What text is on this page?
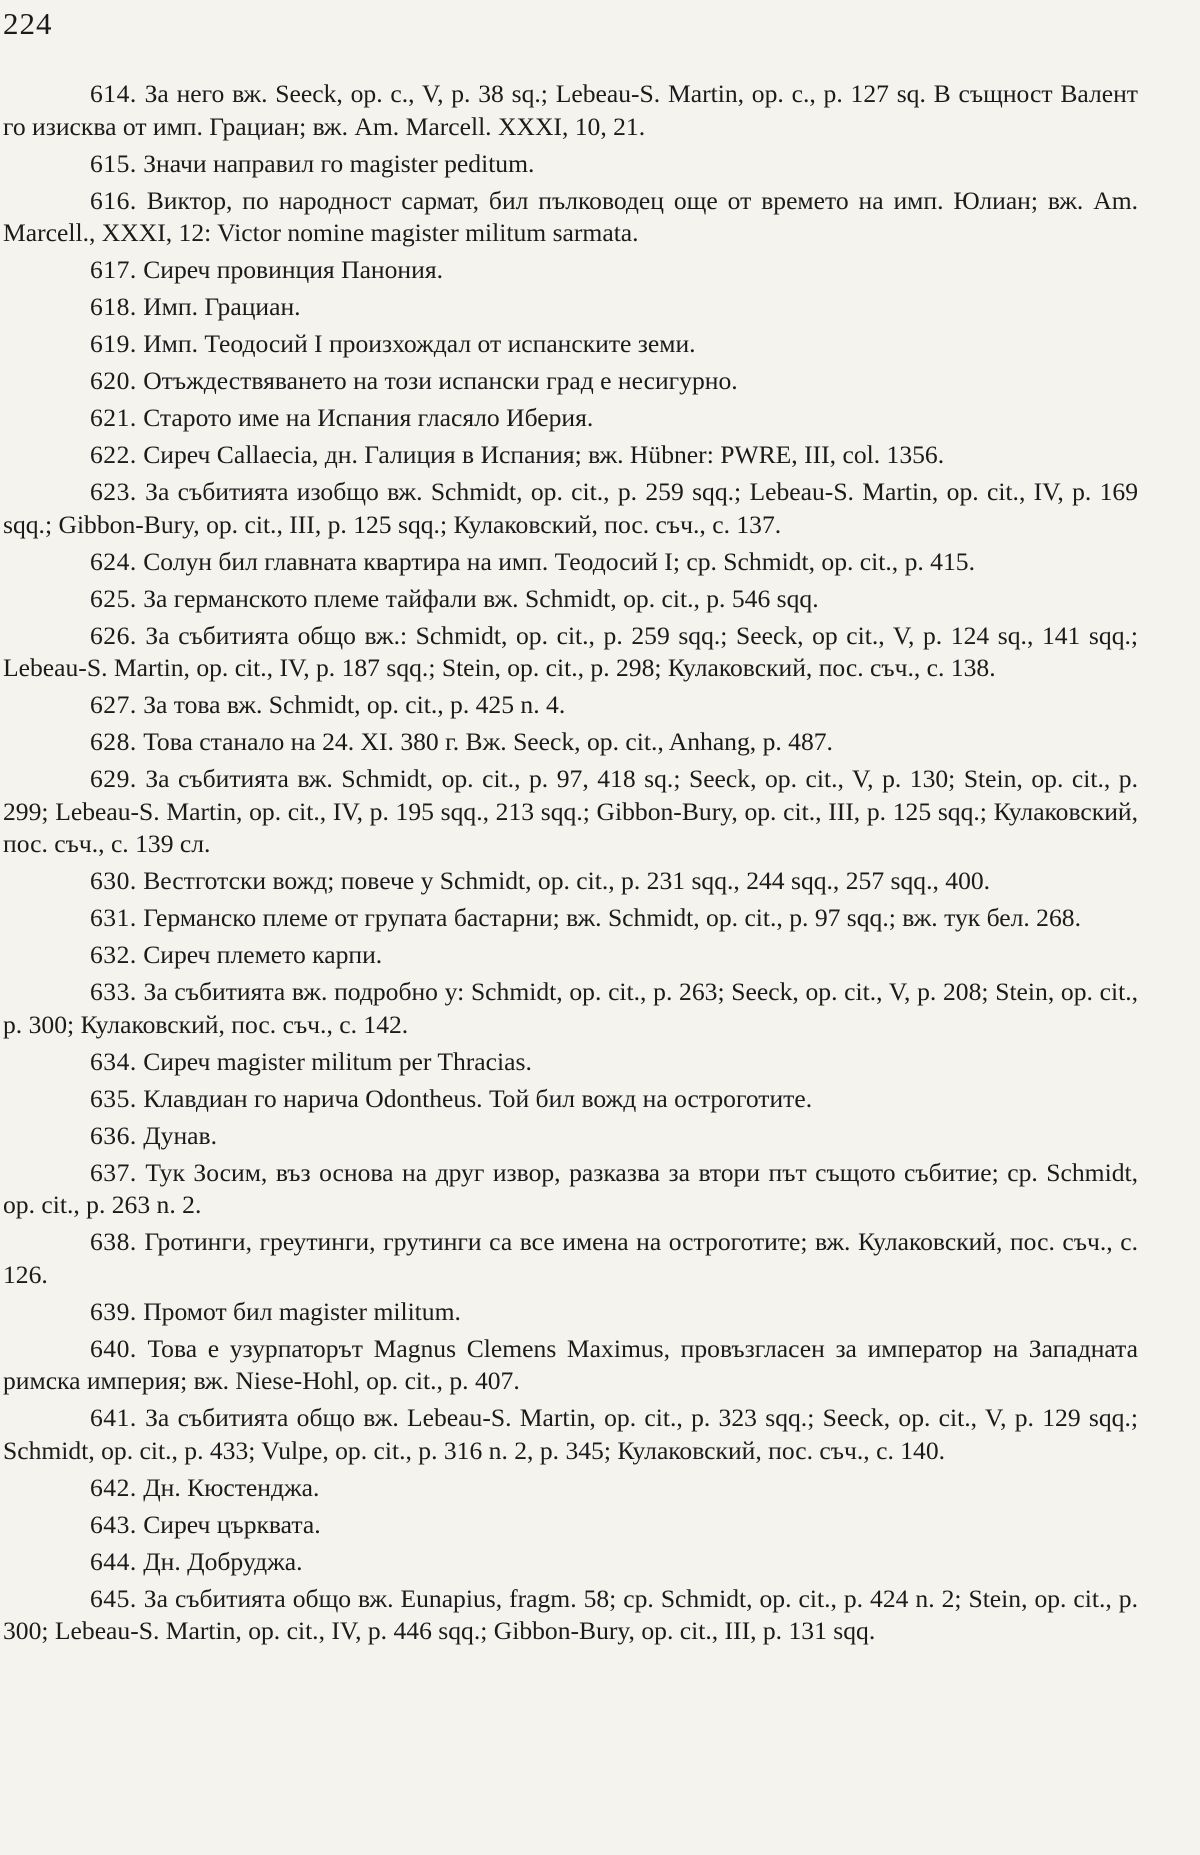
224

614. За него вж. Seeck, op. c., V, p. 38 sq.; Lebeau-S. Martin, op. c., p. 127 sq. В същност Валент го изисква от имп. Грациан; вж. Am. Marcell. XXXI, 10, 21.

615. Значи направил го magister peditum.

616. Виктор, по народност сармат, бил пълководец още от времето на имп. Юлиан; вж. Am. Marcell., XXXI, 12: Victor nomine magister militum sarmata.

617. Сиреч провинция Панония.

618. Имп. Грациан.

619. Имп. Теодосий I произхождал от испанските земи.

620. Отъждествяването на този испански град е несигурно.

621. Старото име на Испания гласяло Иберия.

622. Сиреч Callaecia, дн. Галиция в Испания; вж. Hübner: PWRE, III, col. 1356.

623. За събитията изобщо вж. Schmidt, op. cit., p. 259 sqq.; Lebeau-S. Martin, op. cit., IV, p. 169 sqq.; Gibbon-Bury, op. cit., III, p. 125 sqq.; Кулаковский, пос. съч., с. 137.

624. Солун бил главната квартира на имп. Теодосий I; ср. Schmidt, op. cit., p. 415.

625. За германското племе тайфали вж. Schmidt, op. cit., p. 546 sqq.

626. За събитията общо вж.: Schmidt, op. cit., p. 259 sqq.; Seeck, op cit., V, p. 124 sq., 141 sqq.; Lebeau-S. Martin, op. cit., IV, p. 187 sqq.; Stein, op. cit., p. 298; Кулаковский, пос. съч., с. 138.

627. За това вж. Schmidt, op. cit., p. 425 n. 4.

628. Това станало на 24. XI. 380 г. Вж. Seeck, op. cit., Anhang, p. 487.

629. За събитията вж. Schmidt, op. cit., p. 97, 418 sq.; Seeck, op. cit., V, p. 130; Stein, op. cit., p. 299; Lebeau-S. Martin, op. cit., IV, p. 195 sqq., 213 sqq.; Gibbon-Bury, op. cit., III, p. 125 sqq.; Кулаковский, пос. съч., с. 139 сл.

630. Вестготски вожд; повече у Schmidt, op. cit., p. 231 sqq., 244 sqq., 257 sqq., 400.

631. Германско племе от групата бастарни; вж. Schmidt, op. cit., p. 97 sqq.; вж. тук бел. 268.

632. Сиреч племето карпи.

633. За събитията вж. подробно у: Schmidt, op. cit., p. 263; Seeck, op. cit., V, p. 208; Stein, op. cit., p. 300; Кулаковский, пос. съч., с. 142.

634. Сиреч magister militum per Thracias.

635. Клавдиан го нарича Odontheus. Той бил вожд на остроготите.

636. Дунав.

637. Тук Зосим, въз основа на друг извор, разказва за втори път същото събитие; ср. Schmidt, op. cit., p. 263 n. 2.

638. Гротинги, греутинги, грутинги са все имена на остроготите; вж. Кулаковский, пос. съч., с. 126.

639. Промот бил magister militum.

640. Това е узурпаторът Magnus Clemens Maximus, провъзгласен за император на Западната римска империя; вж. Niese-Hohl, op. cit., p. 407.

641. За събитията общо вж. Lebeau-S. Martin, op. cit., p. 323 sqq.; Seeck, op. cit., V, p. 129 sqq.; Schmidt, op. cit., p. 433; Vulpe, op. cit., p. 316 n. 2, p. 345; Кулаковский, пос. съч., с. 140.

642. Дн. Кюстенджа.

643. Сиреч църквата.

644. Дн. Добруджа.

645. За събитията общо вж. Eunapius, fragm. 58; ср. Schmidt, op. cit., p. 424 n. 2; Stein, op. cit., p. 300; Lebeau-S. Martin, op. cit., IV, p. 446 sqq.; Gibbon-Bury, op. cit., III, p. 131 sqq.
